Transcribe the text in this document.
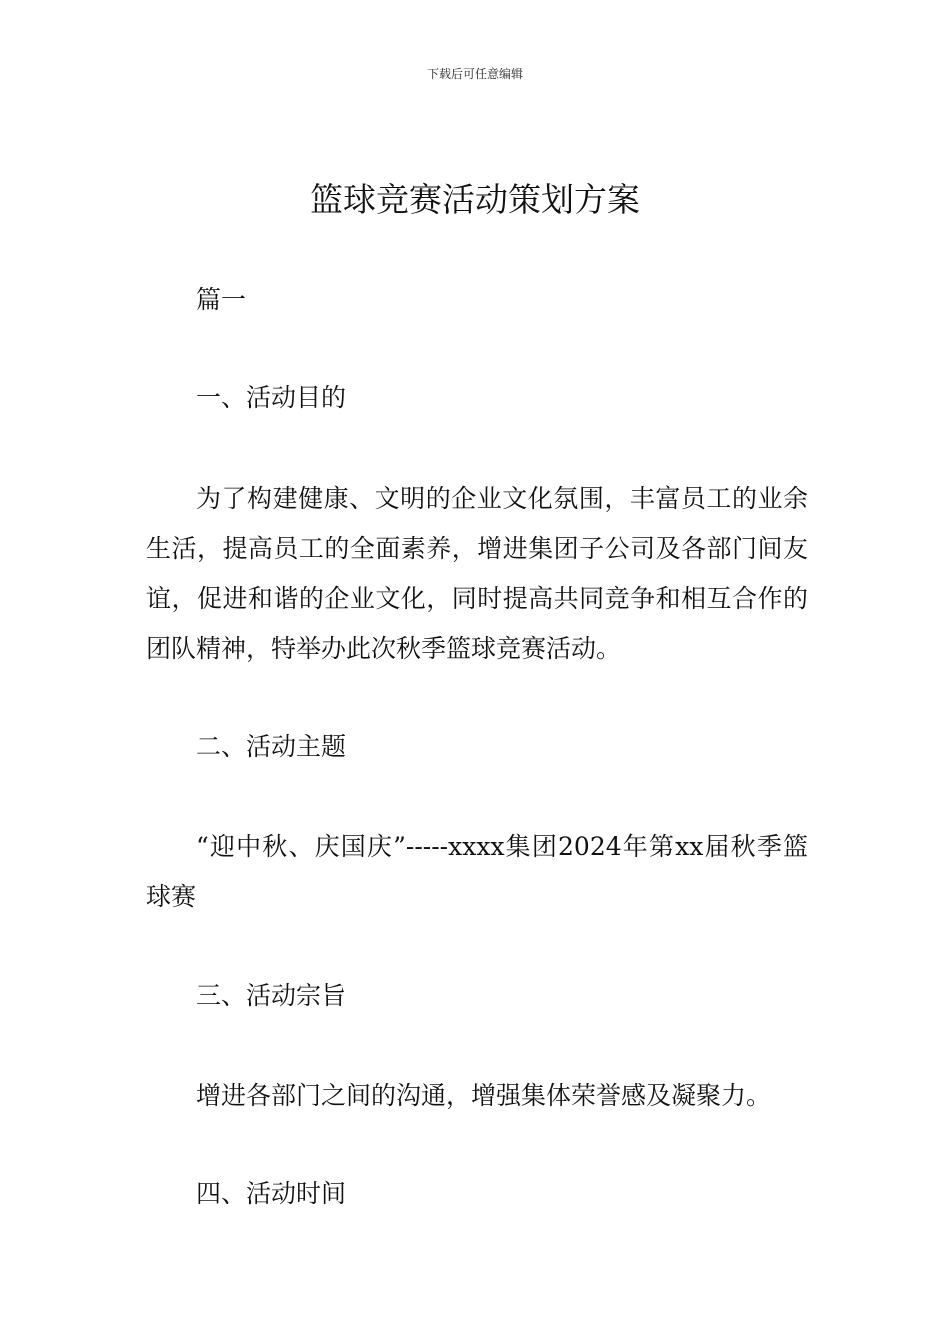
下载后可任意编辑
篮球竞赛活动策划方案

篇一

一、活动目的

为了构建健康、文明的企业文化氛围，丰富员工的业余生活，提高员工的全面素养，增进集团子公司及各部门间友谊，促进和谐的企业文化，同时提高共同竞争和相互合作的团队精神，特举办此次秋季篮球竞赛活动。

二、活动主题

“迎中秋、庆国庆”-----xxxx集团2024年第xx届秋季篮球赛

三、活动宗旨

增进各部门之间的沟通，增强集体荣誉感及凝聚力。

四、活动时间
